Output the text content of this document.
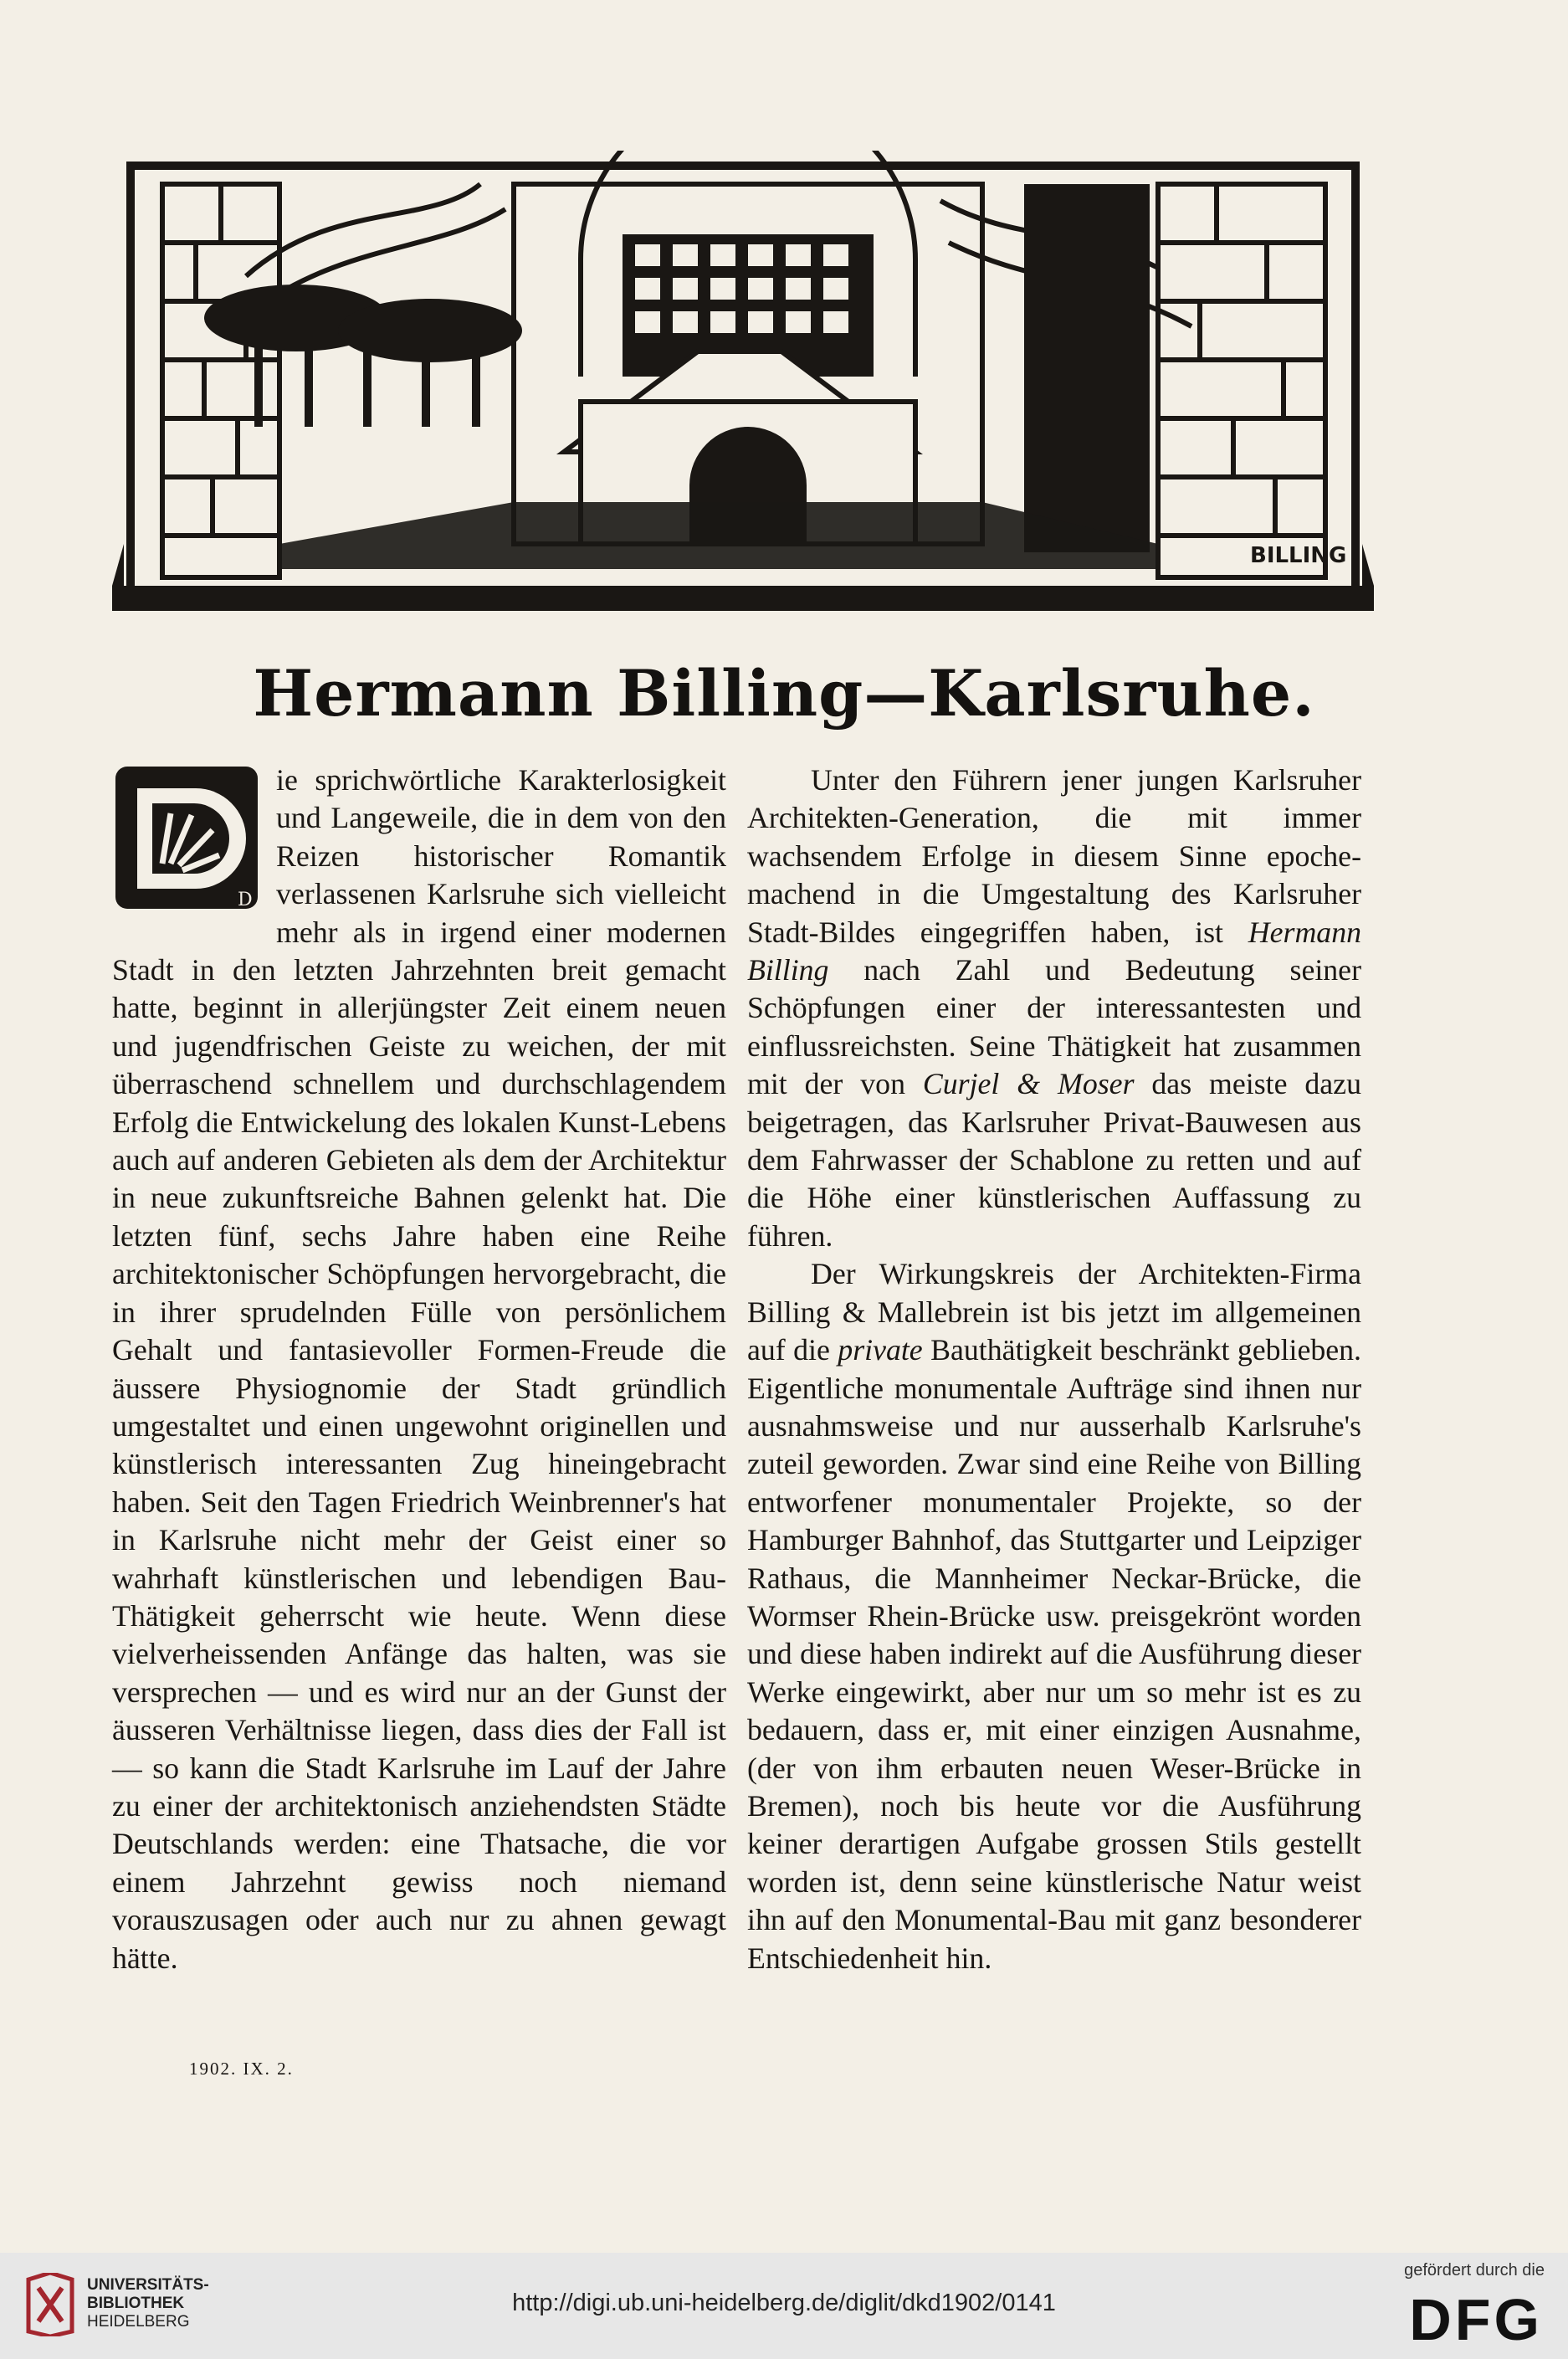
BILLING
Hermann Billing—Karlsruhe.

D
ie sprichwörtliche Karakterlosigkeit und Langeweile, die in dem von den Reizen historischer Romantik verlassenen Karlsruhe sich vielleicht mehr als in irgend einer modernen Stadt in den letzten Jahrzehnten breit gemacht hatte, beginnt in allerjüngster Zeit einem neuen und jugendfrischen Geiste zu weichen, der mit überraschend schnellem und durchschlagendem Erfolg die Entwickelung des lokalen Kunst-Lebens auch auf anderen Gebieten als dem der Architektur in neue zukunftsreiche Bahnen gelenkt hat. Die letzten fünf, sechs Jahre haben eine Reihe architektonischer Schöpfungen hervorgebracht, die in ihrer sprudelnden Fülle von persönlichem Gehalt und fantasievoller Formen-Freude die äussere Physiognomie der Stadt gründlich umgestaltet und einen ungewohnt originellen und künstlerisch interessanten Zug hineingebracht haben. Seit den Tagen Friedrich Weinbrenner's hat in Karlsruhe nicht mehr der Geist einer so wahrhaft künstlerischen und lebendigen Bau-Thätigkeit geherrscht wie heute. Wenn diese vielverheissenden Anfänge das halten, was sie versprechen — und es wird nur an der Gunst der äusseren Verhältnisse liegen, dass dies der Fall ist — so kann die Stadt Karlsruhe im Lauf der Jahre zu einer der architektonisch anziehendsten Städte Deutschlands werden: eine Thatsache, die vor einem Jahrzehnt gewiss noch niemand vorauszusagen oder auch nur zu ahnen gewagt hätte.

Unter den Führern jener jungen Karlsruher Architekten-Generation, die mit immer wachsendem Erfolge in diesem Sinne epochemachend in die Umgestaltung des Karlsruher Stadt-Bildes eingegriffen haben, ist Hermann Billing nach Zahl und Bedeutung seiner Schöpfungen einer der interessantesten und einflussreichsten. Seine Thätigkeit hat zusammen mit der von Curjel & Moser das meiste dazu beigetragen, das Karlsruher Privat-Bauwesen aus dem Fahrwasser der Schablone zu retten und auf die Höhe einer künstlerischen Auffassung zu führen.

Der Wirkungskreis der Architekten-Firma Billing & Mallebrein ist bis jetzt im allgemeinen auf die private Bauthätigkeit beschränkt geblieben. Eigentliche monumentale Aufträge sind ihnen nur ausnahmsweise und nur ausserhalb Karlsruhe's zuteil geworden. Zwar sind eine Reihe von Billing entworfener monumentaler Projekte, so der Hamburger Bahnhof, das Stuttgarter und Leipziger Rathaus, die Mannheimer Neckar-Brücke, die Wormser Rhein-Brücke usw. preisgekrönt worden und diese haben indirekt auf die Ausführung dieser Werke eingewirkt, aber nur um so mehr ist es zu bedauern, dass er, mit einer einzigen Ausnahme, (der von ihm erbauten neuen Weser-Brücke in Bremen), noch bis heute vor die Ausführung keiner derartigen Aufgabe grossen Stils gestellt worden ist, denn seine künstlerische Natur weist ihn auf den Monumental-Bau mit ganz besonderer Entschiedenheit hin.

1902. IX. 2.
UNIVERSITÄTS-
BIBLIOTHEK
HEIDELBERG
http://digi.ub.uni-heidelberg.de/diglit/dkd1902/0141
gefördert durch die
DFG
